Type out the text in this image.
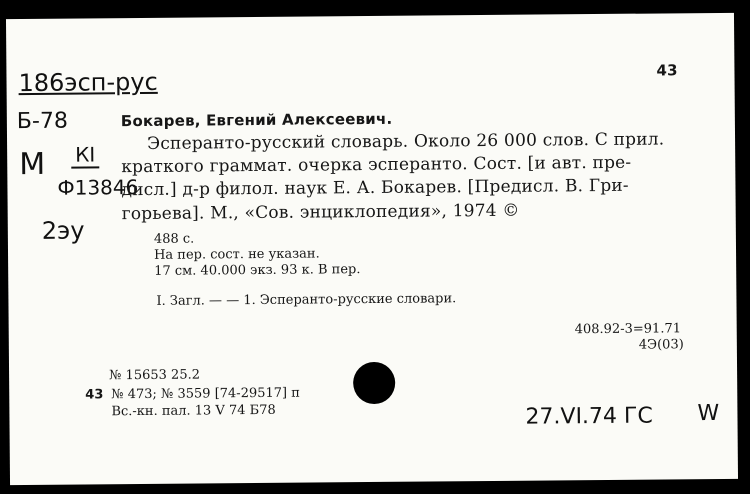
186эсп-рус
Б-78
М КI
Ф13846
2эу
27.VI.74 ГС W
43
Бокарев, Евгений Алексеевич.
Эсперанто-русский словарь. Около 26 000 слов. С прил.
краткого граммат. очерка эсперанто. Сост. [и авт. пре-
дисл.] д-р филол. наук Е. А. Бокарев. [Предисл. В. Гри-
горьева]. М., «Сов. энциклопедия», 1974 ©
488 с.
На пер. сост. не указан.
17 см. 40.000 экз. 93 к. В пер.
I. Загл. — — 1. Эсперанто-русские словари.
408.92-3=91.71
4Э(03)
№ 15653 25.2
43 № 473; № 3559 [74-29517] п
Вс.-кн. пал. 13 V 74 Б78
